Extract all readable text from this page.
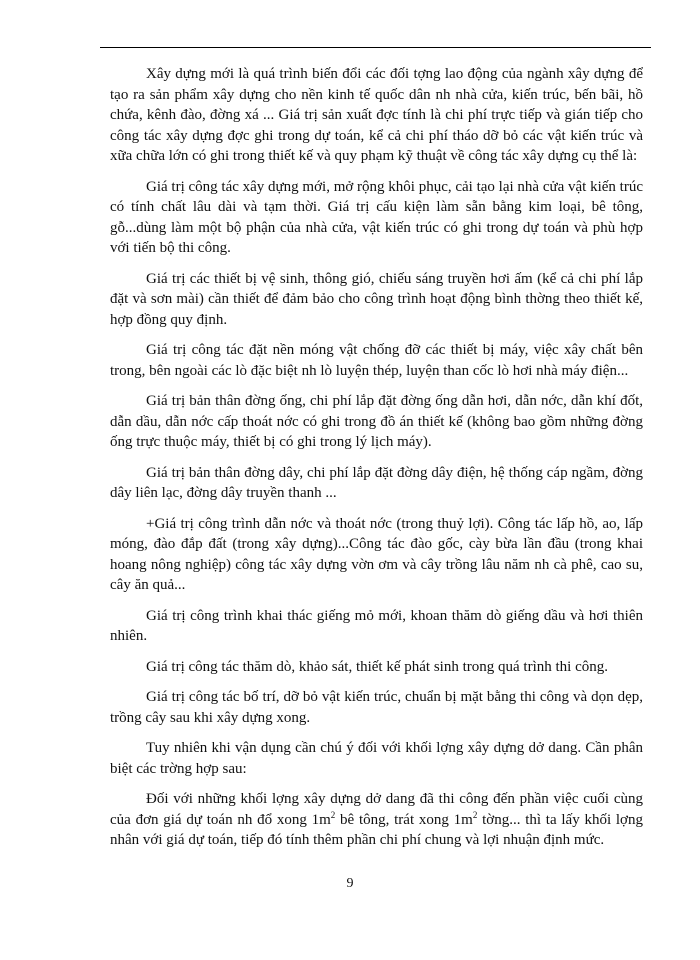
Xây dựng mới là quá trình biến đổi các đối tợng lao động của ngành xây dựng để tạo ra sản phẩm xây dựng cho nền kinh tế quốc dân nh nhà cửa, kiến trúc, bến bãi, hồ chứa, kênh đào, đờng xá ... Giá trị sản xuất đợc tính là chi phí trực tiếp và gián tiếp cho công tác xây dựng đợc ghi trong dự toán, kể cả chi phí tháo dỡ bỏ các vật kiến trúc và xữa chữa lớn có ghi trong thiết kế và quy phạm kỹ thuật về công tác xây dựng cụ thể là:

Giá trị công tác xây dựng mới, mở rộng khôi phục, cải tạo lại nhà cửa vật kiến trúc có tính chất lâu dài và tạm thời. Giá trị cấu kiện làm sẵn bằng kim loại, bê tông, gỗ...dùng làm một bộ phận của nhà cửa, vật kiến trúc có ghi trong dự toán và phù hợp với tiến bộ thi công.

Giá trị các thiết bị vệ sinh, thông gió, chiếu sáng truyền hơi ấm (kể cả chi phí lắp đặt và sơn mài) cần thiết để đảm bảo cho công trình hoạt động bình thờng theo thiết kế, hợp đồng quy định.

Giá trị công tác đặt nền móng vật chống đỡ các thiết bị máy, việc xây chất bên trong, bên ngoài các lò đặc biệt nh lò luyện thép, luyện than cốc lò hơi nhà máy điện...

Giá trị bản thân đờng ống, chi phí lắp đặt đờng ống dẫn hơi, dẫn nớc, dẫn khí đốt, dẫn dầu, dẫn nớc cấp thoát nớc có ghi trong đồ án thiết kế (không bao gồm những đờng ống trực thuộc máy, thiết bị có ghi trong lý lịch máy).

Giá trị bản thân đờng dây, chi phí lắp đặt đờng dây điện, hệ thống cáp ngầm, đờng dây liên lạc, đờng dây truyền thanh ...

+Giá trị công trình dẫn nớc và thoát nớc (trong thuỷ lợi). Công tác lấp hồ, ao, lấp móng, đào đắp đất (trong xây dựng)...Công tác đào gốc, cày bừa lần đầu (trong khai hoang nông nghiệp) công tác xây dựng vờn ơm và cây trồng lâu năm nh cà phê, cao su, cây ăn quả...

Giá trị công trình khai thác giếng mỏ mới, khoan thăm dò giếng dầu và hơi thiên nhiên.

Giá trị công tác thăm dò, khảo sát, thiết kế phát sinh trong quá trình thi công.

Giá trị công tác bố trí, dỡ bỏ vật kiến trúc, chuẩn bị mặt bằng thi công và dọn dẹp, trồng cây sau khi xây dựng xong.

Tuy nhiên khi vận dụng cần chú ý đối với khối lợng xây dựng dở dang. Cần phân biệt các trờng hợp sau:

Đối với những khối lợng xây dựng dở dang đã thi công đến phần việc cuối cùng của đơn giá dự toán nh đổ xong $1m^2$ bê tông, trát xong $1m^2$ tờng... thì ta lấy khối lợng nhân với giá dự toán, tiếp đó tính thêm phần chi phí chung và lợi nhuận định mức.

9
